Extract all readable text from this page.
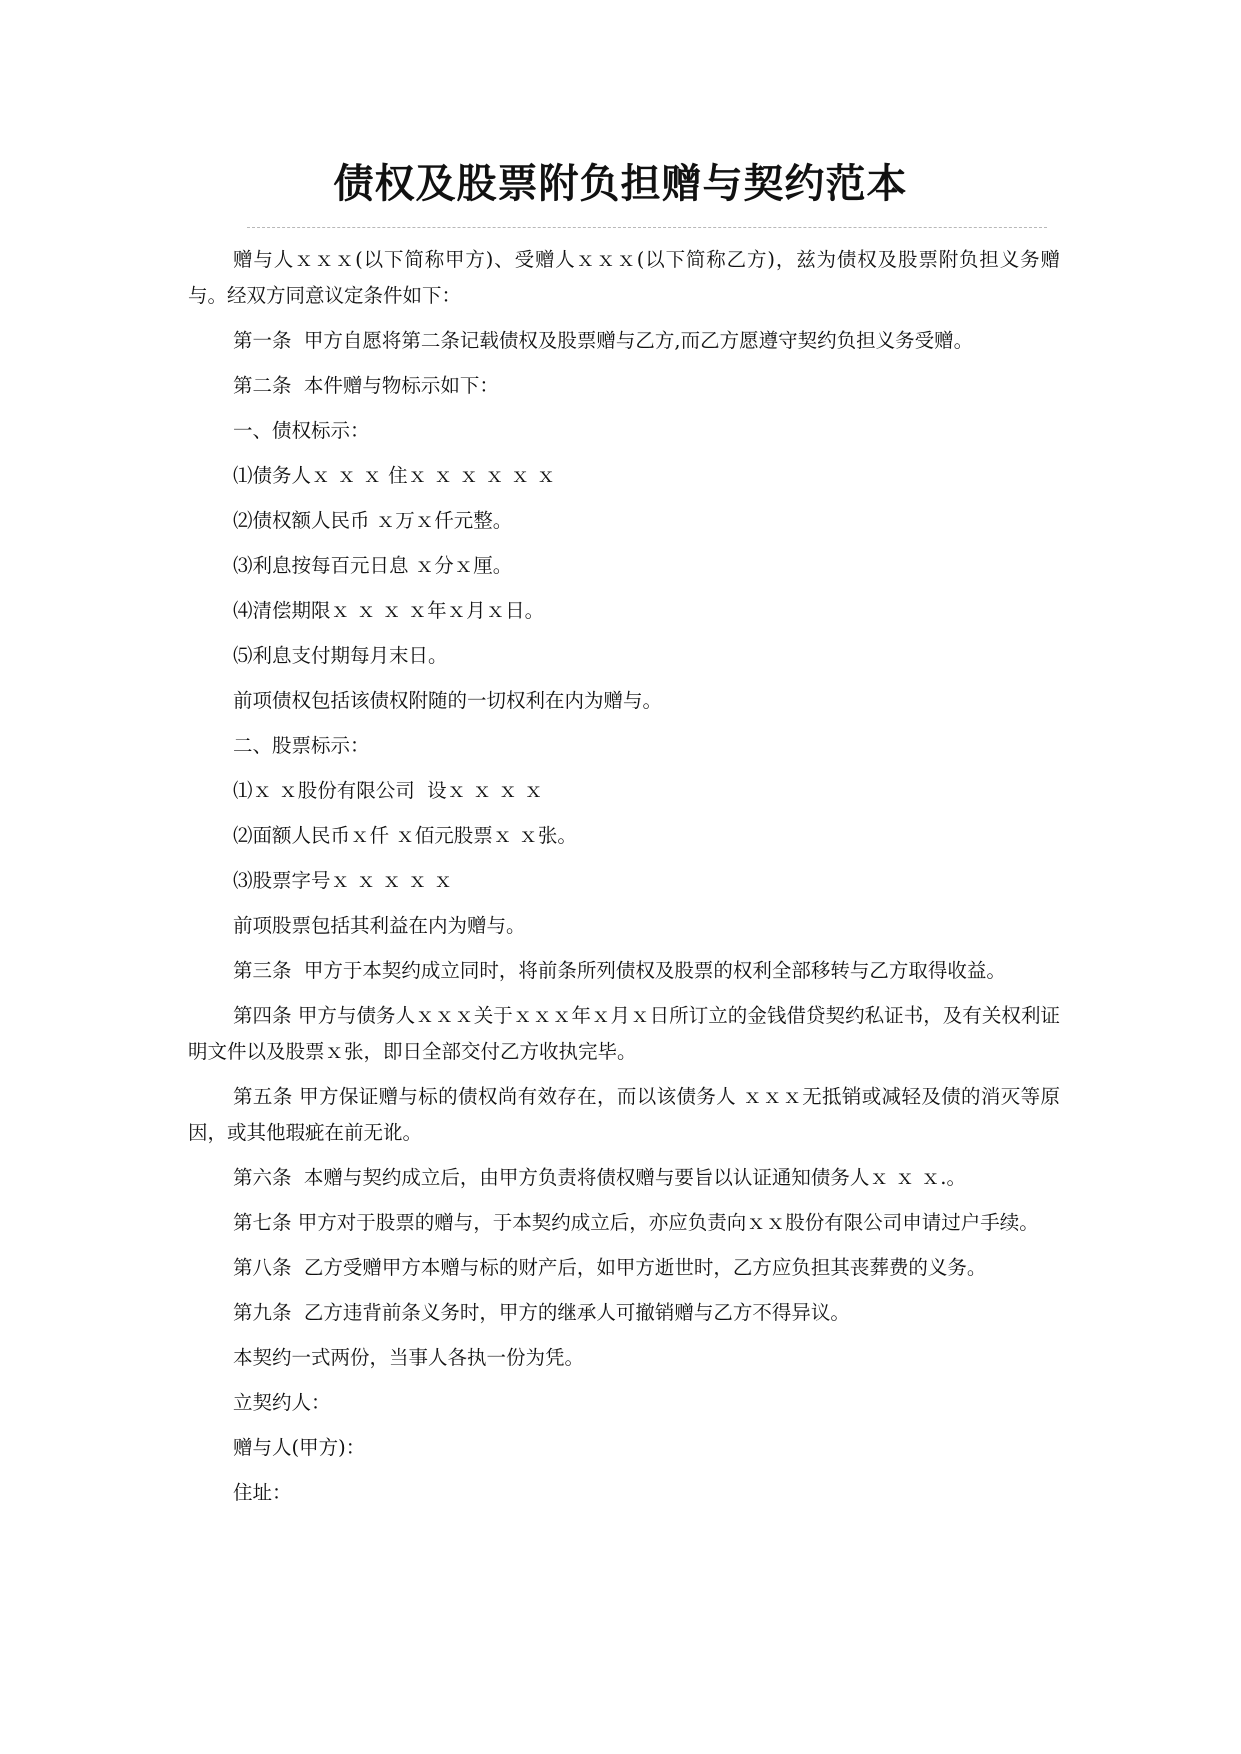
债权及股票附负担赠与契约范本

赠与人ｘｘｘ(以下简称甲方)、受赠人ｘｘｘ(以下简称乙方)，兹为债权及股票附负担义务赠与。经双方同意议定条件如下：

第一条  甲方自愿将第二条记载债权及股票赠与乙方,而乙方愿遵守契约负担义务受赠。

第二条  本件赠与物标示如下：

一、债权标示：

⑴债务人ｘ ｘ ｘ 住ｘ ｘ ｘ ｘ ｘ ｘ

⑵债权额人民币 ｘ万ｘ仟元整。

⑶利息按每百元日息 ｘ分ｘ厘。

⑷清偿期限ｘ ｘ ｘ ｘ年ｘ月ｘ日。

⑸利息支付期每月末日。

前项债权包括该债权附随的一切权利在内为赠与。

二、股票标示：

⑴ｘ ｘ股份有限公司  设ｘ ｘ ｘ ｘ

⑵面额人民币ｘ仟 ｘ佰元股票ｘ ｘ张。

⑶股票字号ｘ ｘ ｘ ｘ ｘ

前项股票包括其利益在内为赠与。

第三条  甲方于本契约成立同时，将前条所列债权及股票的权利全部移转与乙方取得收益。

第四条 甲方与债务人ｘｘｘ关于ｘｘｘ年ｘ月ｘ日所订立的金钱借贷契约私证书，及有关权利证明文件以及股票ｘ张，即日全部交付乙方收执完毕。

第五条 甲方保证赠与标的债权尚有效存在，而以该债务人 ｘｘｘ无抵销或减轻及债的消灭等原因，或其他瑕疵在前无讹。

第六条  本赠与契约成立后，由甲方负责将债权赠与要旨以认证通知债务人ｘ ｘ ｘ.。

第七条 甲方对于股票的赠与，于本契约成立后，亦应负责向ｘｘ股份有限公司申请过户手续。

第八条  乙方受赠甲方本赠与标的财产后，如甲方逝世时，乙方应负担其丧葬费的义务。

第九条  乙方违背前条义务时，甲方的继承人可撤销赠与乙方不得异议。

本契约一式两份，当事人各执一份为凭。

立契约人：

赠与人(甲方)：

住址：
